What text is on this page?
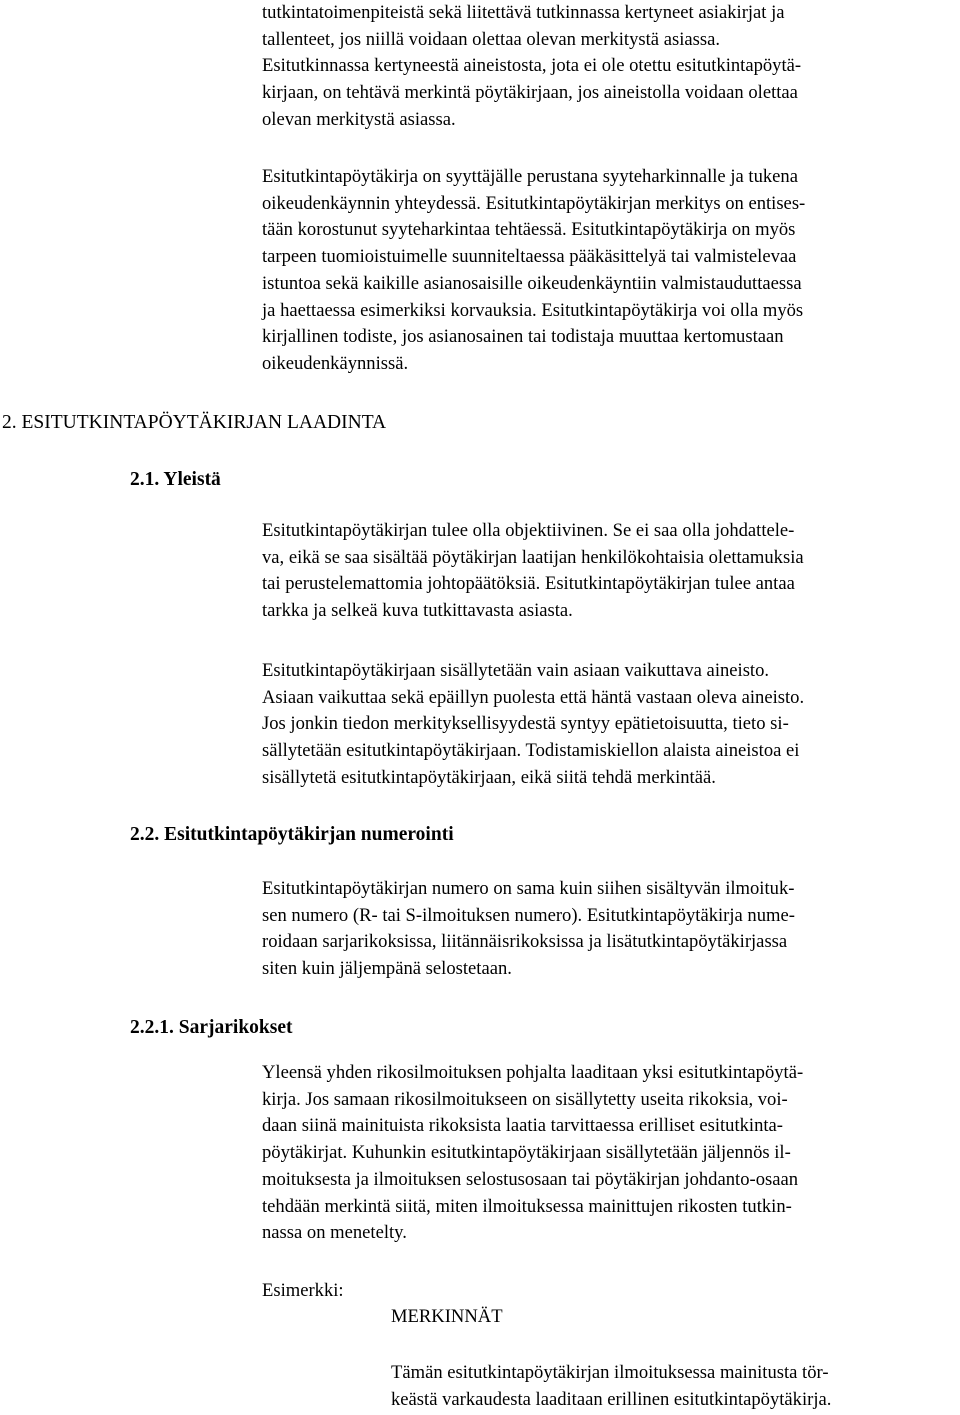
tutkintatoimenpiteistä sekä liitettävä tutkinnassa kertyneet asiakirjat ja
tallenteet, jos niillä voidaan olettaa olevan merkitystä asiassa.
Esitutkinnassa kertyneestä aineistosta, jota ei ole otettu esitutkintapöytä-
kirjaan, on tehtävä merkintä pöytäkirjaan, jos aineistolla voidaan olettaa
olevan merkitystä asiassa.
Esitutkintapöytäkirja on syyttäjälle perustana syyteharkinnalle ja tukena
oikeudenkäynnin yhteydessä. Esitutkintapöytäkirjan merkitys on entises-
tään korostunut syyteharkintaa tehtäessä. Esitutkintapöytäkirja on myös
tarpeen tuomioistuimelle suunniteltaessa pääkäsittelyä tai valmistelevaa
istuntoa sekä kaikille asianosaisille oikeudenkäyntiin valmistauduttaessa
ja haettaessa esimerkiksi korvauksia. Esitutkintapöytäkirja voi olla myös
kirjallinen todiste, jos asianosainen tai todistaja muuttaa kertomustaan
oikeudenkäynnissä.
2. ESITUTKINTAPÖYTÄKIRJAN LAADINTA
2.1. Yleistä
Esitutkintapöytäkirjan tulee olla objektiivinen. Se ei saa olla johdattele-
va, eikä se saa sisältää pöytäkirjan laatijan henkilökohtaisia olettamuksia
tai perustelemattomia johtopäätöksiä. Esitutkintapöytäkirjan tulee antaa
tarkka ja selkeä kuva tutkittavasta asiasta.
Esitutkintapöytäkirjaan sisällytetään vain asiaan vaikuttava aineisto.
Asiaan vaikuttaa sekä epäillyn puolesta että häntä vastaan oleva aineisto.
Jos jonkin tiedon merkityksellisyydestä syntyy epätietoisuutta, tieto si-
sällytetään esitutkintapöytäkirjaan. Todistamiskiellon alaista aineistoa ei
sisällytetä esitutkintapöytäkirjaan, eikä siitä tehdä merkintää.
2.2. Esitutkintapöytäkirjan numerointi
Esitutkintapöytäkirjan numero on sama kuin siihen sisältyvän ilmoituk-
sen numero (R- tai S-ilmoituksen numero). Esitutkintapöytäkirja nume-
roidaan sarjarikoksissa, liitännäisrikoksissa ja lisätutkintapöytäkirjassa
siten kuin jäljempänä selostetaan.
2.2.1. Sarjarikokset
Yleensä yhden rikosilmoituksen pohjalta laaditaan yksi esitutkintapöytä-
kirja. Jos samaan rikosilmoitukseen on sisällytetty useita rikoksia, voi-
daan siinä mainituista rikoksista laatia tarvittaessa erilliset esitutkinta-
pöytäkirjat. Kuhunkin esitutkintapöytäkirjaan sisällytetään jäljennös il-
moituksesta ja ilmoituksen selostusosaan tai pöytäkirjan johdanto-osaan
tehdään merkintä siitä, miten ilmoituksessa mainittujen rikosten tutkin-
nassa on menetelty.
Esimerkki:
MERKINNÄT
Tämän esitutkintapöytäkirjan ilmoituksessa mainitusta tör-
keästä varkaudesta laaditaan erillinen esitutkintapöytäkirja.
